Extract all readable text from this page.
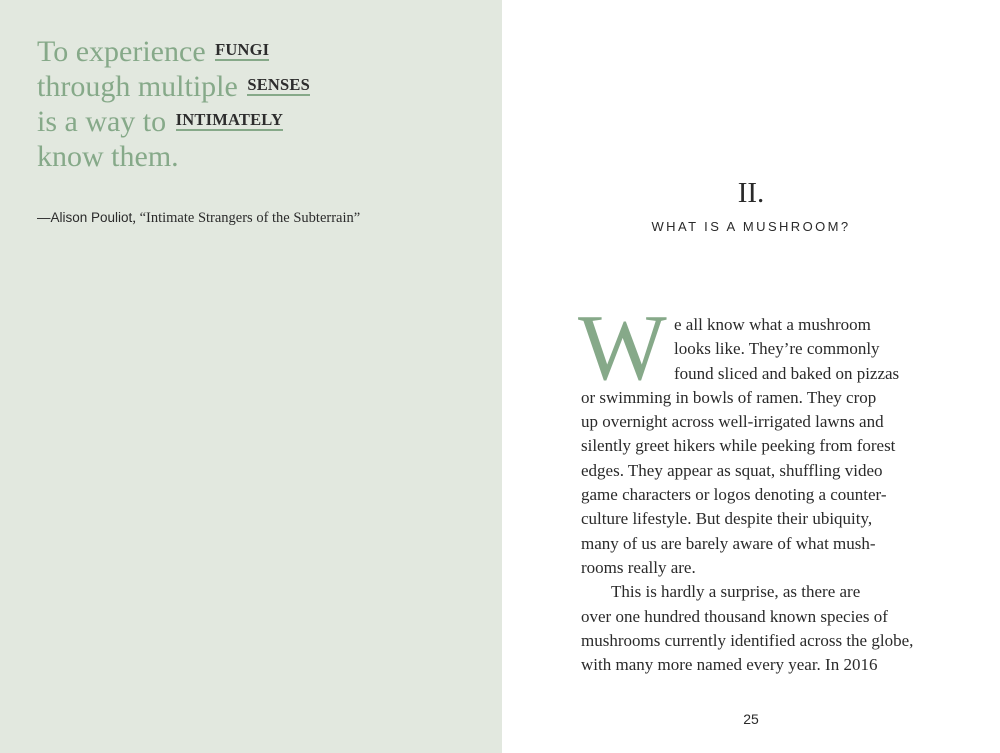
To experience FUNGI
through multiple SENSES
is a way to INTIMATELY
know them.
—Alison Pouliot, “Intimate Strangers of the Subterrain”
II.
WHAT IS A MUSHROOM?
W e all know what a mushroom
looks like. They’re commonly
found sliced and baked on pizzas
or swimming in bowls of ramen. They crop
up overnight across well-irrigated lawns and
silently greet hikers while peeking from forest
edges. They appear as squat, shuffling video
game characters or logos denoting a counter-
culture lifestyle. But despite their ubiquity,
many of us are barely aware of what mush-
rooms really are.
This is hardly a surprise, as there are
over one hundred thousand known species of
mushrooms currently identified across the globe,
with many more named every year. In 2016
25
